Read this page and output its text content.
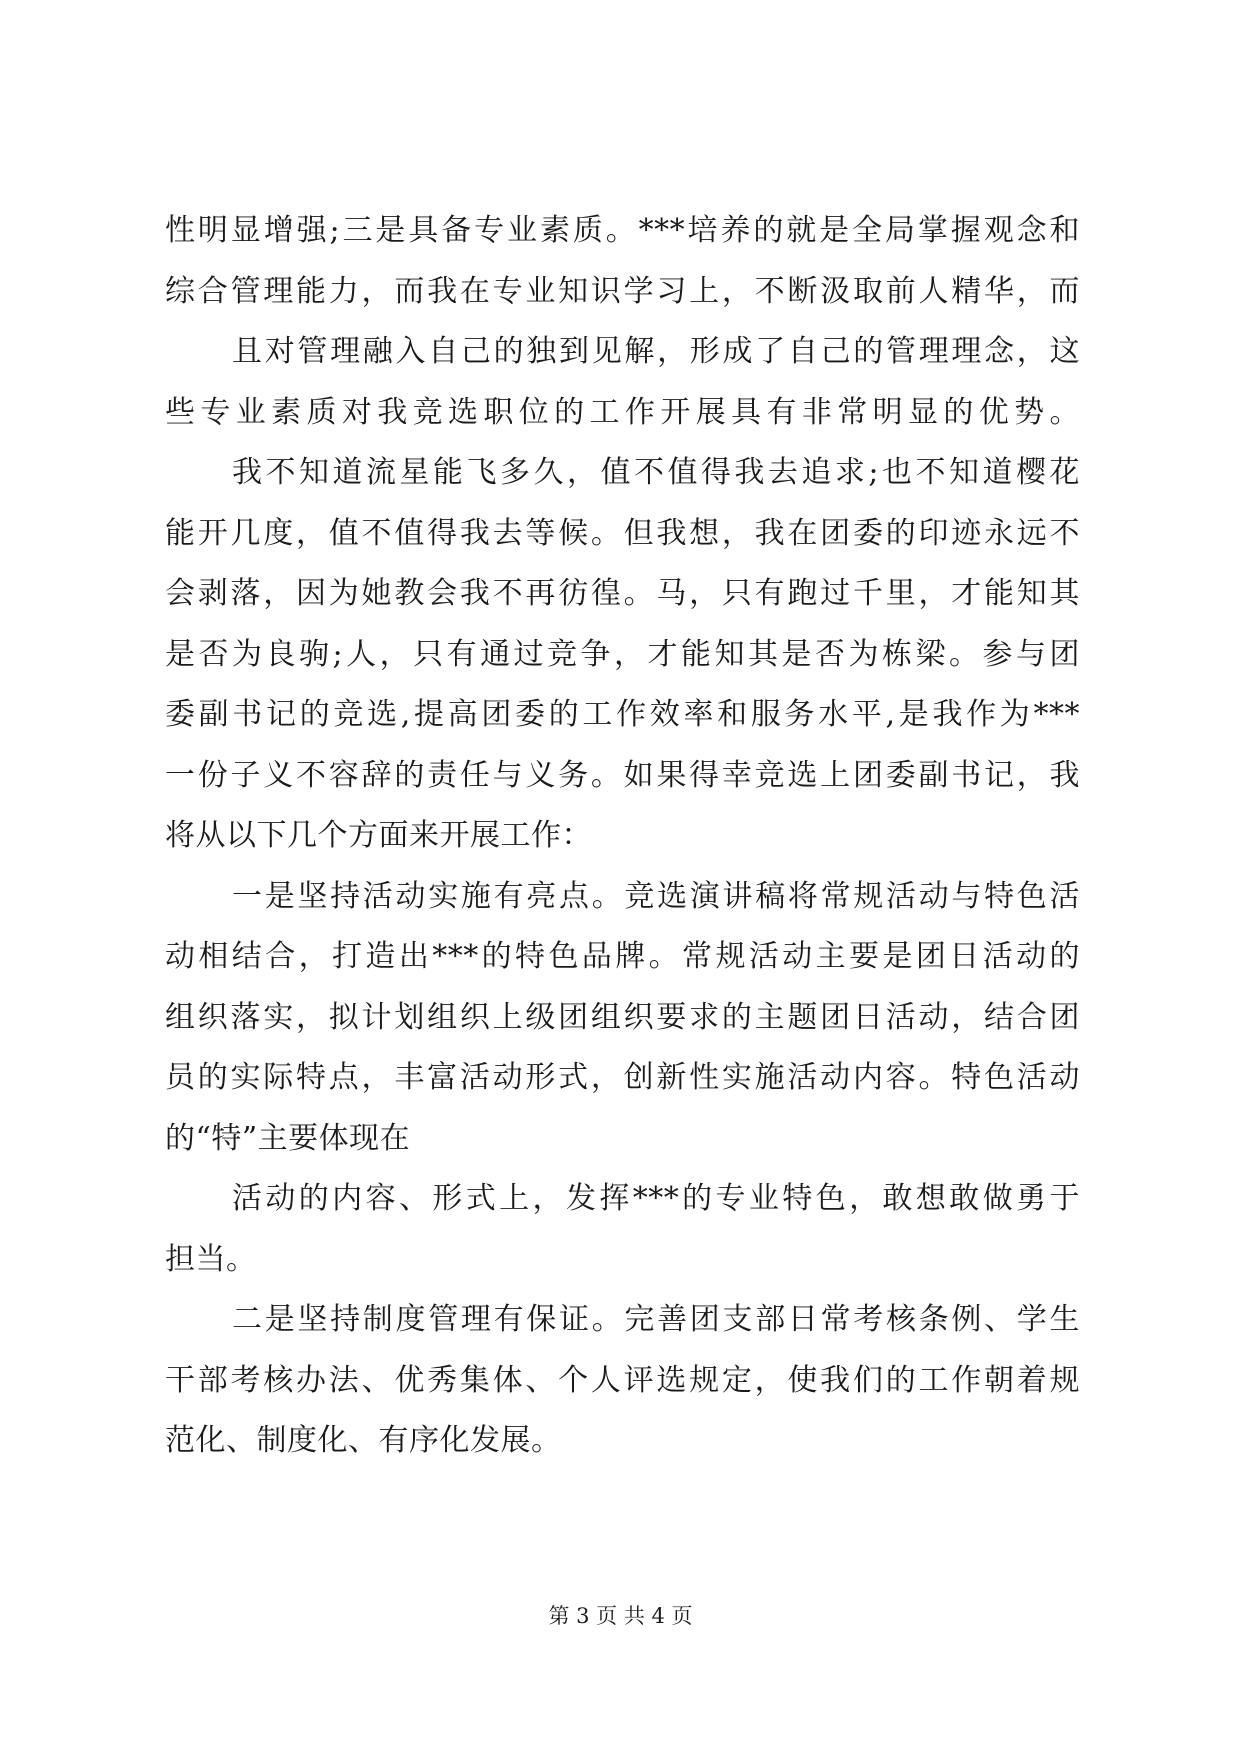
性明显增强;三是具备专业素质。***培养的就是全局掌握观念和
综合管理能力，而我在专业知识学习上，不断汲取前人精华，而
且对管理融入自己的独到见解，形成了自己的管理理念，这
些专业素质对我竞选职位的工作开展具有非常明显的优势。
我不知道流星能飞多久，值不值得我去追求;也不知道樱花
能开几度，值不值得我去等候。但我想，我在团委的印迹永远不
会剥落，因为她教会我不再彷徨。马，只有跑过千里，才能知其
是否为良驹;人，只有通过竞争，才能知其是否为栋梁。参与团
委副书记的竞选,提高团委的工作效率和服务水平,是我作为***
一份子义不容辞的责任与义务。如果得幸竞选上团委副书记，我
将从以下几个方面来开展工作：
一是坚持活动实施有亮点。竞选演讲稿将常规活动与特色活
动相结合，打造出***的特色品牌。常规活动主要是团日活动的
组织落实，拟计划组织上级团组织要求的主题团日活动，结合团
员的实际特点，丰富活动形式，创新性实施活动内容。特色活动
的“特”主要体现在
活动的内容、形式上，发挥***的专业特色，敢想敢做勇于
担当。
二是坚持制度管理有保证。完善团支部日常考核条例、学生
干部考核办法、优秀集体、个人评选规定，使我们的工作朝着规
范化、制度化、有序化发展。
第 3 页 共 4 页
